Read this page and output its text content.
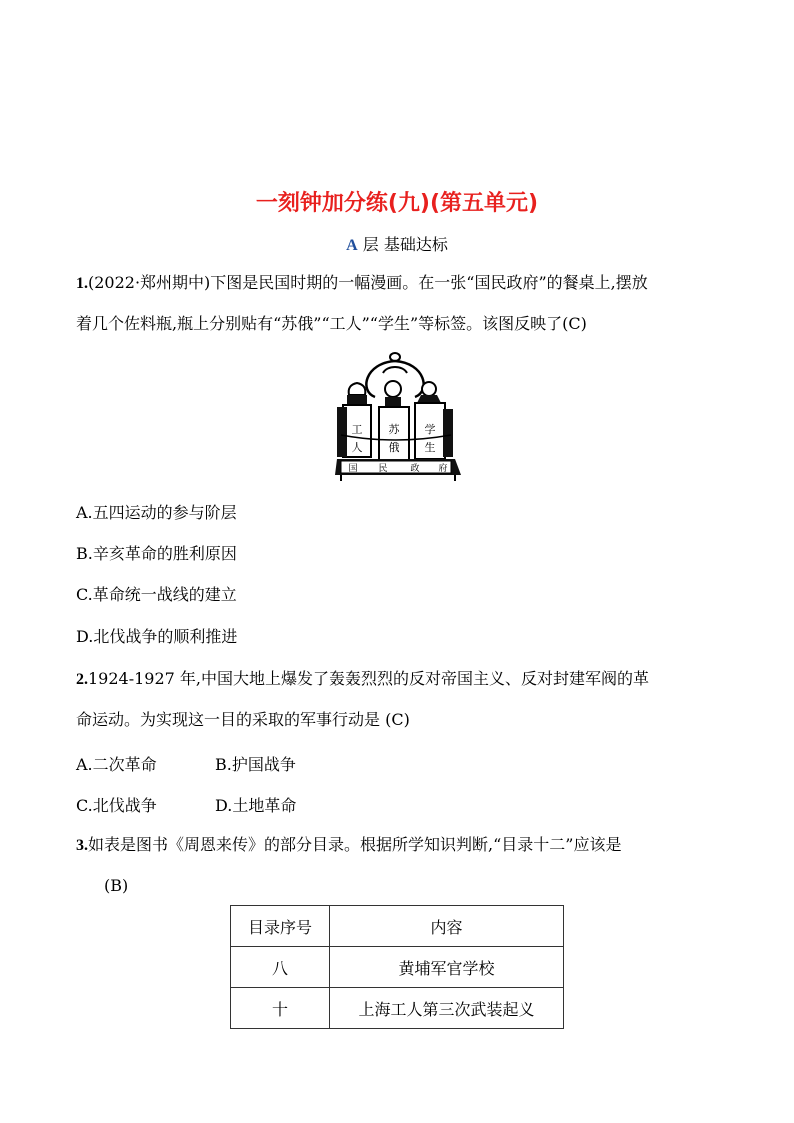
一刻钟加分练(九)(第五单元)
A 层 基础达标
1.(2022·郑州期中)下图是民国时期的一幅漫画。在一张“国民政府”的餐桌上,摆放
着几个佐料瓶,瓶上分别贴有“苏俄”“工人”“学生”等标签。该图反映了(C)
工
人
苏
俄
学
生
国 民	政 府
A.五四运动的参与阶层
B.辛亥革命的胜利原因
C.革命统一战线的建立
D.北伐战争的顺利推进
2.1924-1927 年,中国大地上爆发了轰轰烈烈的反对帝国主义、反对封建军阀的革
命运动。为实现这一目的采取的军事行动是 (C)
A.二次革命	B.护国战争
C.北伐战争	D.土地革命
3.如表是图书《周恩来传》的部分目录。根据所学知识判断,“目录十二”应该是
(B)
目录序号	内容
八	黄埔军官学校
十	上海工人第三次武装起义
